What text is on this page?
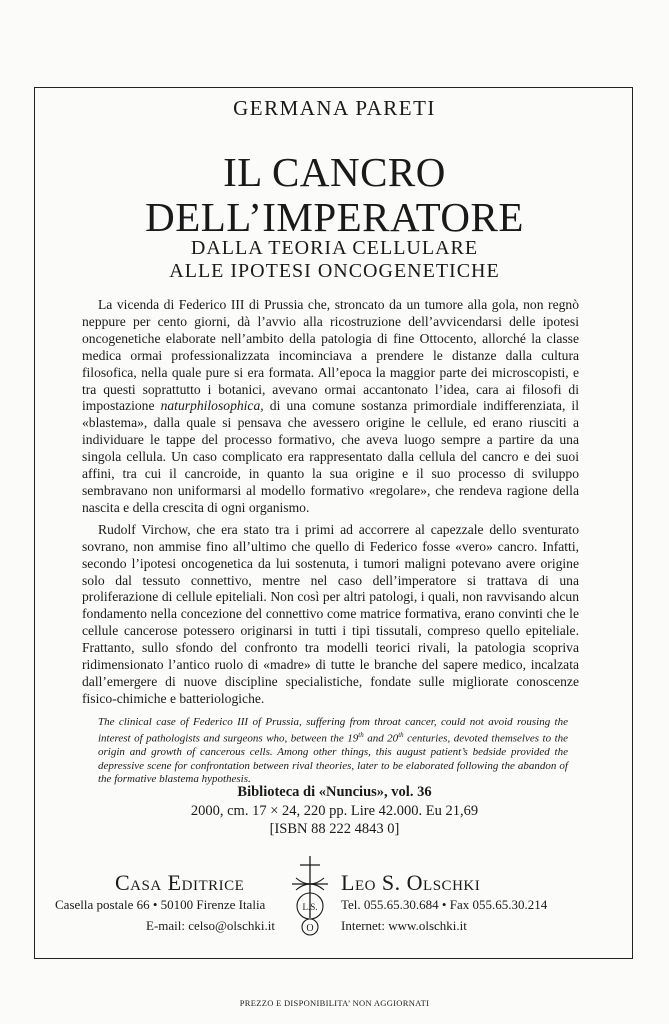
GERMANA PARETI
IL CANCRO
DELL’IMPERATORE
DALLA TEORIA CELLULARE
ALLE IPOTESI ONCOGENETICHE

La vicenda di Federico III di Prussia che, stroncato da un tumore alla gola, non regnò neppure per cento giorni, dà l’avvio alla ricostruzione dell’avvicendarsi delle ipotesi oncogenetiche elaborate nell’ambito della patologia di fine Ottocento, allorché la classe medica ormai professionalizzata incominciava a prendere le distanze dalla cultura filosofica, nella quale pure si era formata. All’epoca la maggior parte dei microscopisti, e tra questi soprattutto i botanici, avevano ormai accantonato l’idea, cara ai filosofi di impostazione naturphilosophica, di una comune sostanza primordiale indifferenziata, il «blastema», dalla quale si pensava che avessero origine le cellule, ed erano riusciti a individuare le tappe del processo formativo, che aveva luogo sempre a partire da una singola cellula. Un caso complicato era rappresentato dalla cellula del cancro e dei suoi affini, tra cui il cancroide, in quanto la sua origine e il suo processo di sviluppo sembravano non uniformarsi al modello formativo «regolare», che rendeva ragione della nascita e della crescita di ogni organismo.

Rudolf Virchow, che era stato tra i primi ad accorrere al capezzale dello sventurato sovrano, non ammise fino all’ultimo che quello di Federico fosse «vero» cancro. Infatti, secondo l’ipotesi oncogenetica da lui sostenuta, i tumori maligni potevano avere origine solo dal tessuto connettivo, mentre nel caso dell’imperatore si trattava di una proliferazione di cellule epiteliali. Non così per altri patologi, i quali, non ravvisando alcun fondamento nella concezione del connettivo come matrice formativa, erano convinti che le cellule cancerose potessero originarsi in tutti i tipi tissutali, compreso quello epiteliale. Frattanto, sullo sfondo del confronto tra modelli teorici rivali, la patologia scopriva ridimensionato l’antico ruolo di «madre» di tutte le branche del sapere medico, incalzata dall’emergere di nuove discipline specialistiche, fondate sulle migliorate conoscenze fisico-chimiche e batteriologiche.

The clinical case of Federico III of Prussia, suffering from throat cancer, could not avoid rousing the interest of pathologists and surgeons who, between the 19th and 20th centuries, devoted themselves to the origin and growth of cancerous cells. Among other things, this august patient’s bedside provided the depressive scene for confrontation between rival theories, later to be elaborated following the abandon of the formative blastema hypothesis.
Biblioteca di «Nuncius», vol. 36
2000, cm. 17 × 24, 220 pp. Lire 42.000. Eu 21,69
[ISBN 88 222 4843 0]
Casa Editrice	Leo S. Olschki
L.S.
O
Casella postale 66 • 50100 Firenze Italia	Tel. 055.65.30.684 • Fax 055.65.30.214
E-mail: celso@olschki.it	Internet: www.olschki.it
PREZZO E DISPONIBILITA’ NON AGGIORNATI
